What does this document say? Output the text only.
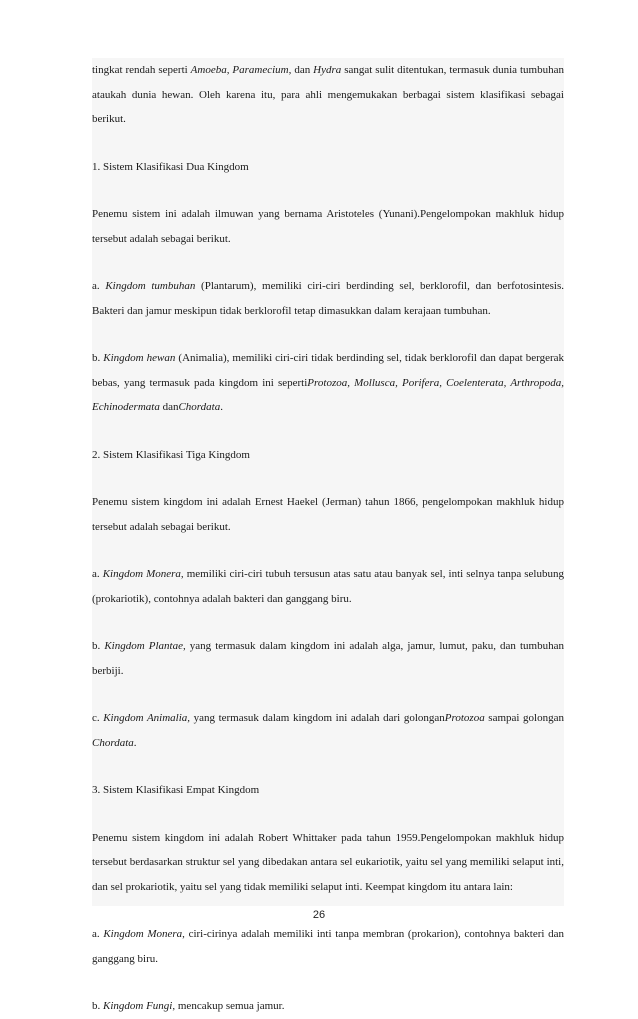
tingkat rendah seperti Amoeba, Paramecium, dan Hydra sangat sulit ditentukan, termasuk dunia tumbuhan ataukah dunia hewan. Oleh karena itu, para ahli mengemukakan berbagai sistem klasifikasi sebagai berikut.

1. Sistem Klasifikasi Dua Kingdom

Penemu sistem ini adalah ilmuwan yang bernama Aristoteles (Yunani).Pengelompokan makhluk hidup tersebut adalah sebagai berikut.

a. Kingdom tumbuhan (Plantarum), memiliki ciri-ciri berdinding sel, berklorofil, dan berfotosintesis. Bakteri dan jamur meskipun tidak berklorofil tetap dimasukkan dalam kerajaan tumbuhan.

b. Kingdom hewan (Animalia), memiliki ciri-ciri tidak berdinding sel, tidak berklorofil dan dapat bergerak bebas, yang termasuk pada kingdom ini sepertiProtozoa, Mollusca, Porifera, Coelenterata, Arthropoda, Echinodermata danChordata.

2. Sistem Klasifikasi Tiga Kingdom

Penemu sistem kingdom ini adalah Ernest Haekel (Jerman) tahun 1866, pengelompokan makhluk hidup tersebut adalah sebagai berikut.

a. Kingdom Monera, memiliki ciri-ciri tubuh tersusun atas satu atau banyak sel, inti selnya tanpa selubung (prokariotik), contohnya adalah bakteri dan ganggang biru.

b. Kingdom Plantae, yang termasuk dalam kingdom ini adalah alga, jamur, lumut, paku, dan tumbuhan berbiji.

c. Kingdom Animalia, yang termasuk dalam kingdom ini adalah dari golonganProtozoa sampai golongan Chordata.

3. Sistem Klasifikasi Empat Kingdom

Penemu sistem kingdom ini adalah Robert Whittaker pada tahun 1959.Pengelompokan makhluk hidup tersebut berdasarkan struktur sel yang dibedakan antara sel eukariotik, yaitu sel yang memiliki selaput inti, dan sel prokariotik, yaitu sel yang tidak memiliki selaput inti. Keempat kingdom itu antara lain:

a. Kingdom Monera, ciri-cirinya adalah memiliki inti tanpa membran (prokarion), contohnya bakteri dan ganggang biru.

b. Kingdom Fungi, mencakup semua jamur.

26
